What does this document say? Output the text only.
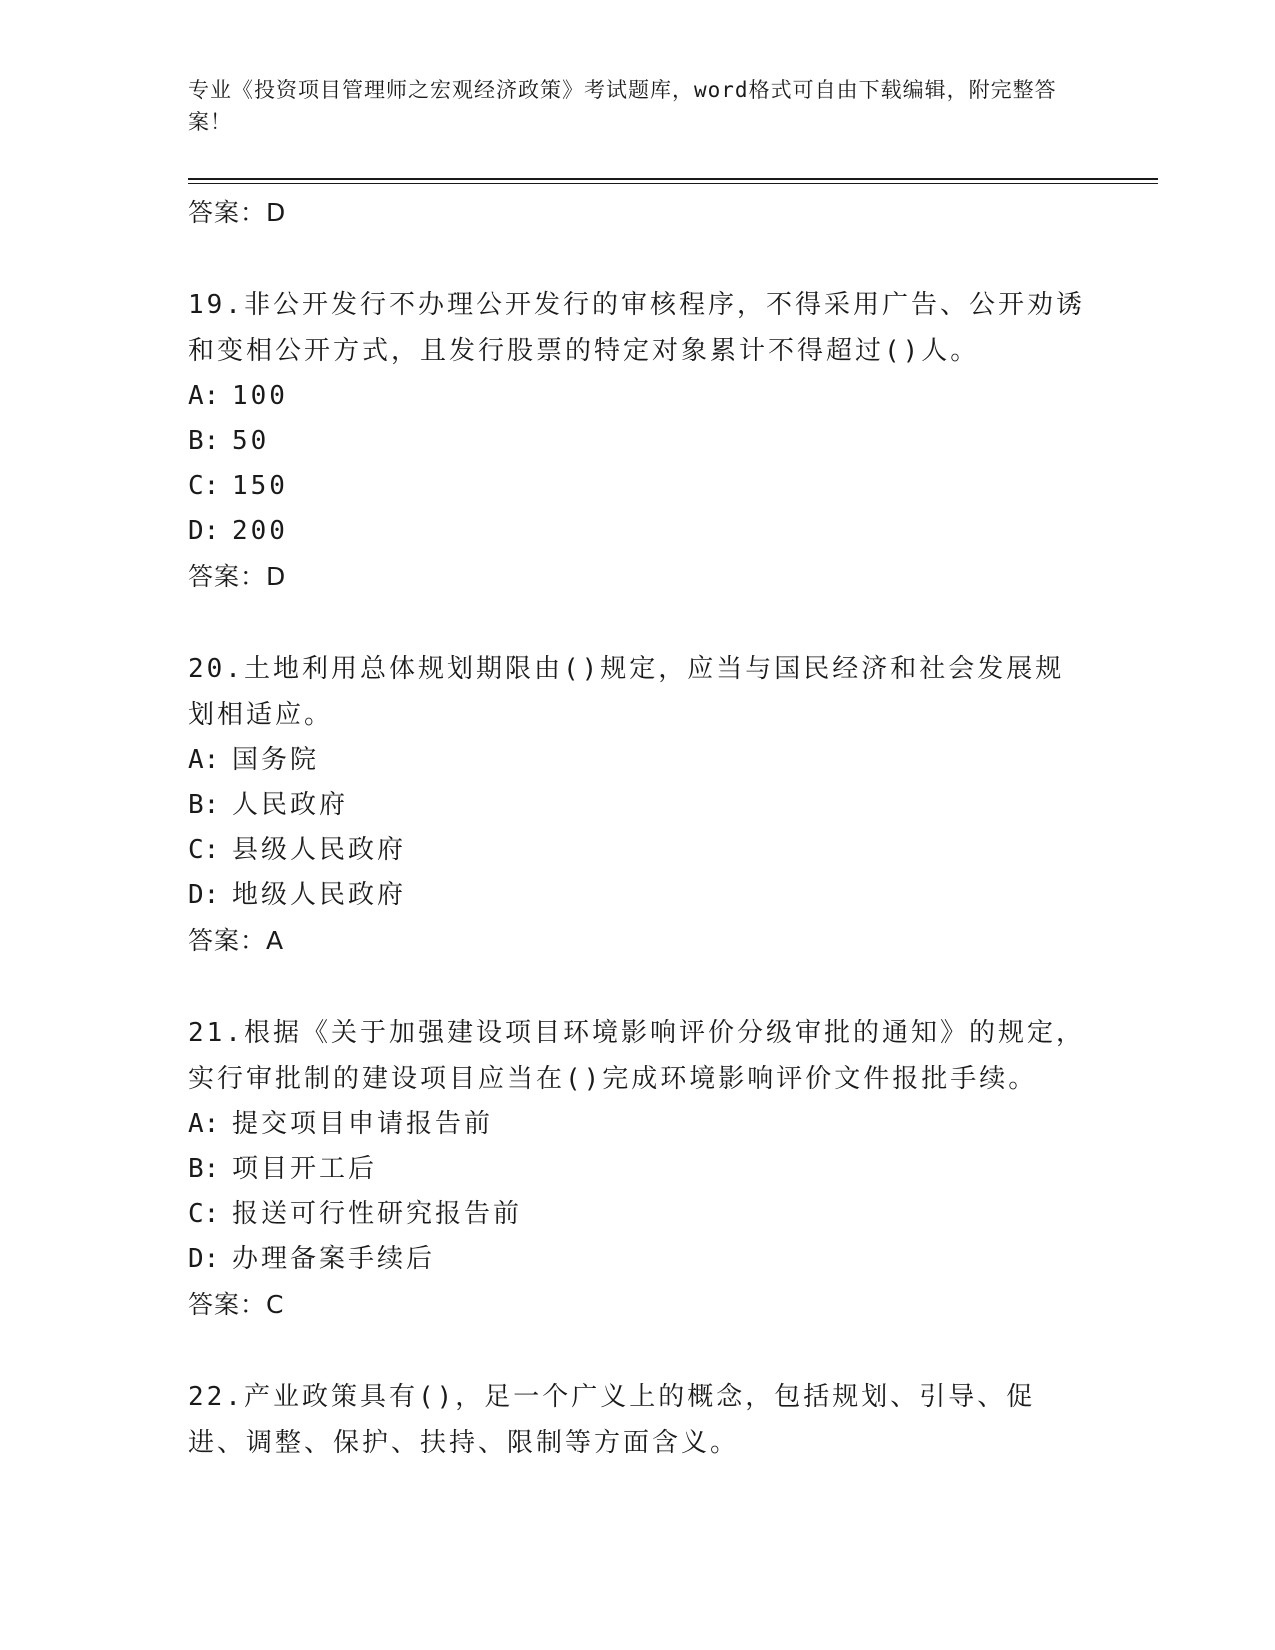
专业《投资项目管理师之宏观经济政策》考试题库，word格式可自由下载编辑，附完整答案！

答案：D

19.非公开发行不办理公开发行的审核程序，不得采用广告、公开劝诱和变相公开方式，且发行股票的特定对象累计不得超过()人。

A: 100

B: 50

C: 150

D: 200

答案：D

20.土地利用总体规划期限由()规定，应当与国民经济和社会发展规划相适应。

A: 国务院

B: 人民政府

C: 县级人民政府

D: 地级人民政府

答案：A

21.根据《关于加强建设项目环境影响评价分级审批的通知》的规定，实行审批制的建设项目应当在()完成环境影响评价文件报批手续。

A: 提交项目申请报告前

B: 项目开工后

C: 报送可行性研究报告前

D: 办理备案手续后

答案：C

22.产业政策具有()，足一个广义上的概念，包括规划、引导、促进、调整、保护、扶持、限制等方面含义。
